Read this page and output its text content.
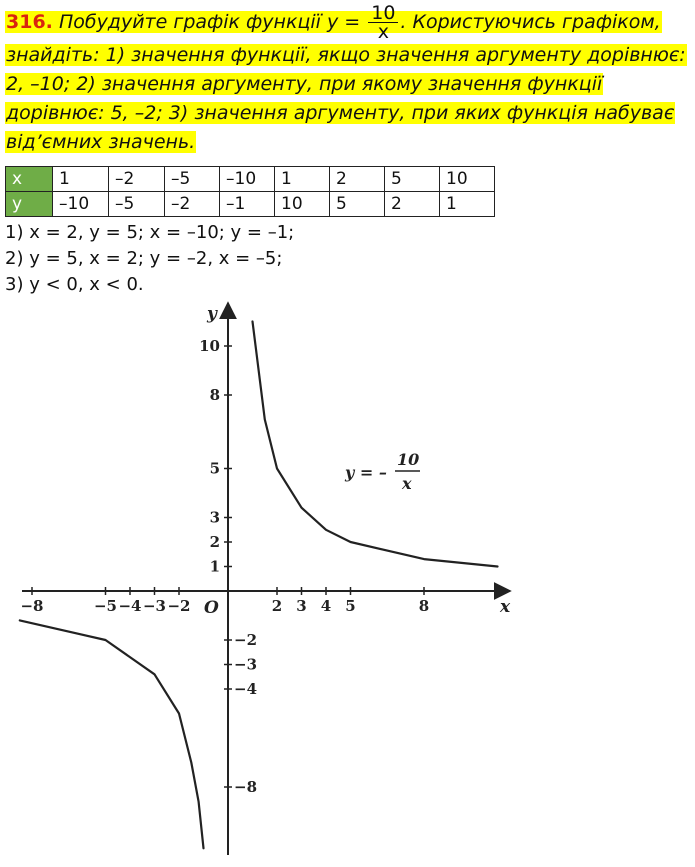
316. Побудуйте графік функції $y = \frac{10}{x}$ . Користуючись графіком, знайдіть: 1) значення функції, якщо значення аргументу дорівнює: 2, –10; 2) значення аргументу, при якому значення функції дорівнює: 5, –2; 3) значення аргументу, при яких функція набуває від’ємних значень.
x	1	–2	–5	–10	1	2	5	10
y	–10	–5	–2	–1	10	5	2	1
1) x = 2, y = 5; x = –10; y = –1;
2) y = 5, x = 2; y = –2, x = –5;
3) y < 0, x < 0.
−8	−5 −4 −3 −2	2 3 4 5	8
10
8
5
3
2
1
−2
−3
−4
−8
x
y
O
y = –
10
x
